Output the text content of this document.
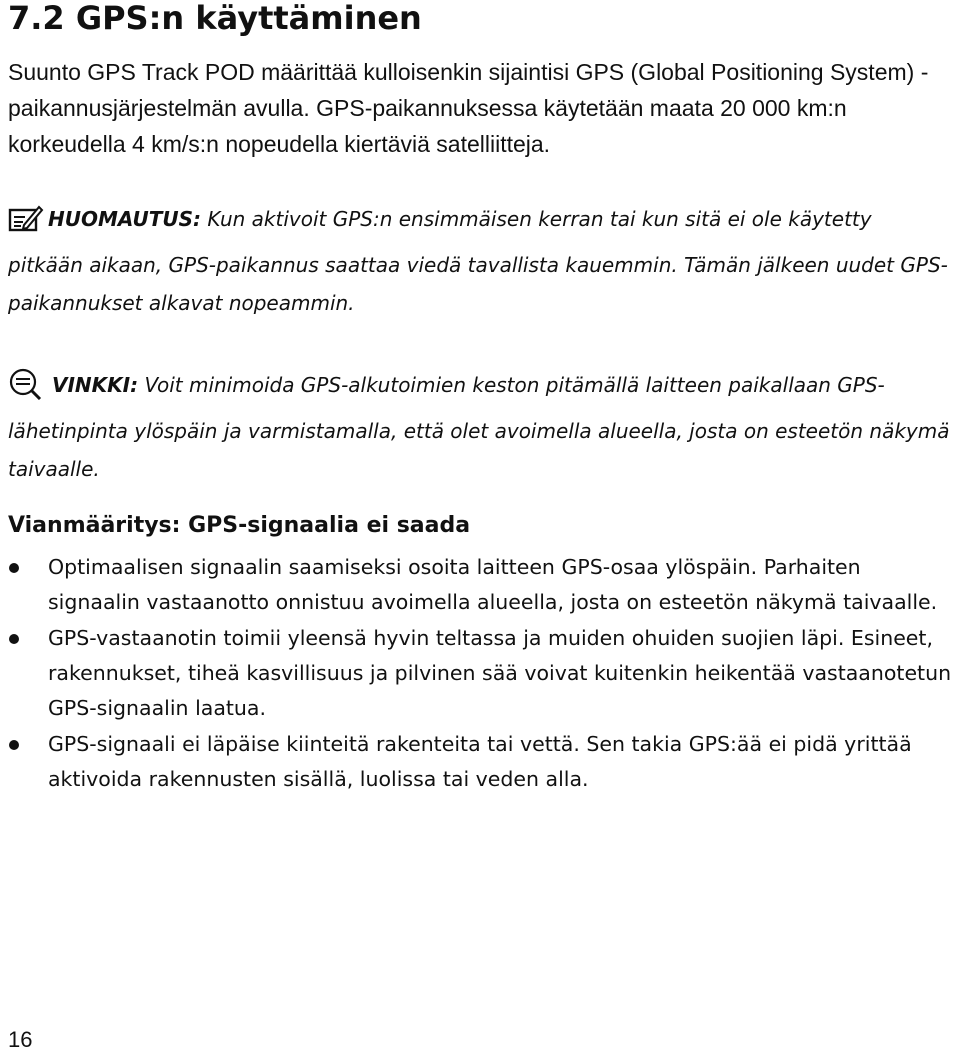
7.2 GPS:n käyttäminen

Suunto GPS Track POD määrittää kulloisenkin sijaintisi GPS (Global Positioning System) -paikannusjärjestelmän avulla. GPS-paikannuksessa käytetään maata 20 000 km:n korkeudella 4 km/s:n nopeudella kiertäviä satelliitteja.

HUOMAUTUS: Kun aktivoit GPS:n ensimmäisen kerran tai kun sitä ei ole käytetty pitkään aikaan, GPS-paikannus saattaa viedä tavallista kauemmin. Tämän jälkeen uudet GPS-paikannukset alkavat nopeammin.

VINKKI: Voit minimoida GPS-alkutoimien keston pitämällä laitteen paikallaan GPS-lähetinpinta ylöspäin ja varmistamalla, että olet avoimella alueella, josta on esteetön näkymä taivaalle.

Vianmääritys: GPS-signaalia ei saada
Optimaalisen signaalin saamiseksi osoita laitteen GPS-osaa ylöspäin. Parhaiten signaalin vastaanotto onnistuu avoimella alueella, josta on esteetön näkymä taivaalle.
GPS-vastaanotin toimii yleensä hyvin teltassa ja muiden ohuiden suojien läpi. Esineet, rakennukset, tiheä kasvillisuus ja pilvinen sää voivat kuitenkin heikentää vastaanotetun GPS-signaalin laatua.
GPS-signaali ei läpäise kiinteitä rakenteita tai vettä. Sen takia GPS:ää ei pidä yrittää aktivoida rakennusten sisällä, luolissa tai veden alla.

16
